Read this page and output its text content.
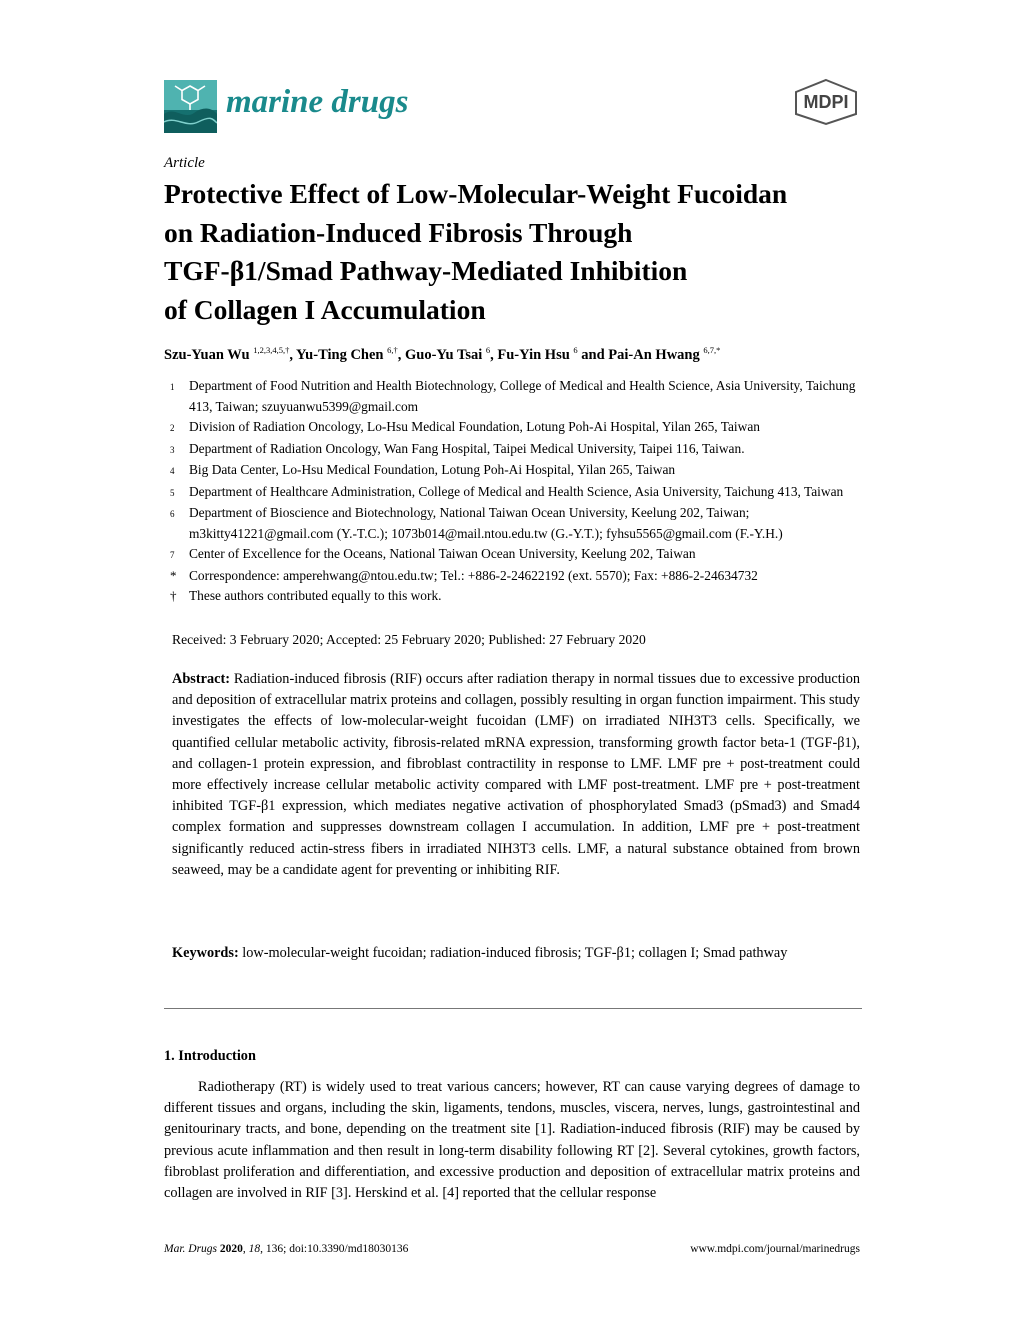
marine drugs	MDPI
Article
Protective Effect of Low-Molecular-Weight Fucoidan
on Radiation-Induced Fibrosis Through
TGF-β1/Smad Pathway-Mediated Inhibition
of Collagen I Accumulation
Szu-Yuan Wu $^{1,2,3,4,5,\dagger}$, Yu-Ting Chen $^{6,\dagger}$, Guo-Yu Tsai $^6$, Fu-Yin Hsu $^6$ and Pai-An Hwang $^{6,7,*}$
1	Department of Food Nutrition and Health Biotechnology, College of Medical and Health Science, Asia University, Taichung 413, Taiwan; szuyuanwu5399@gmail.com
2	Division of Radiation Oncology, Lo-Hsu Medical Foundation, Lotung Poh-Ai Hospital, Yilan 265, Taiwan
3	Department of Radiation Oncology, Wan Fang Hospital, Taipei Medical University, Taipei 116, Taiwan.
4	Big Data Center, Lo-Hsu Medical Foundation, Lotung Poh-Ai Hospital, Yilan 265, Taiwan
5	Department of Healthcare Administration, College of Medical and Health Science, Asia University, Taichung 413, Taiwan
6	Department of Bioscience and Biotechnology, National Taiwan Ocean University, Keelung 202, Taiwan; m3kitty41221@gmail.com (Y.-T.C.); 1073b014@mail.ntou.edu.tw (G.-Y.T.); fyhsu5565@gmail.com (F.-Y.H.)
7	Center of Excellence for the Oceans, National Taiwan Ocean University, Keelung 202, Taiwan
* Correspondence: amperehwang@ntou.edu.tw; Tel.: +886-2-24622192 (ext. 5570); Fax: +886-2-24634732
† These authors contributed equally to this work.
Received: 3 February 2020; Accepted: 25 February 2020; Published: 27 February 2020

Abstract: Radiation-induced fibrosis (RIF) occurs after radiation therapy in normal tissues due to excessive production and deposition of extracellular matrix proteins and collagen, possibly resulting in organ function impairment. This study investigates the effects of low-molecular-weight fucoidan (LMF) on irradiated NIH3T3 cells. Specifically, we quantified cellular metabolic activity, fibrosis-related mRNA expression, transforming growth factor beta-1 (TGF-β1), and collagen-1 protein expression, and fibroblast contractility in response to LMF. LMF pre + post-treatment could more effectively increase cellular metabolic activity compared with LMF post-treatment. LMF pre + post-treatment inhibited TGF-β1 expression, which mediates negative activation of phosphorylated Smad3 (pSmad3) and Smad4 complex formation and suppresses downstream collagen I accumulation. In addition, LMF pre + post-treatment significantly reduced actin-stress fibers in irradiated NIH3T3 cells. LMF, a natural substance obtained from brown seaweed, may be a candidate agent for preventing or inhibiting RIF.

Keywords: low-molecular-weight fucoidan; radiation-induced fibrosis; TGF-β1; collagen I; Smad pathway

1. Introduction

Radiotherapy (RT) is widely used to treat various cancers; however, RT can cause varying degrees of damage to different tissues and organs, including the skin, ligaments, tendons, muscles, viscera, nerves, lungs, gastrointestinal and genitourinary tracts, and bone, depending on the treatment site [1]. Radiation-induced fibrosis (RIF) may be caused by previous acute inflammation and then result in long-term disability following RT [2]. Several cytokines, growth factors, fibroblast proliferation and differentiation, and excessive production and deposition of extracellular matrix proteins and collagen are involved in RIF [3]. Herskind et al. [4] reported that the cellular response

Mar. Drugs 2020, 18, 136; doi:10.3390/md18030136	www.mdpi.com/journal/marinedrugs
